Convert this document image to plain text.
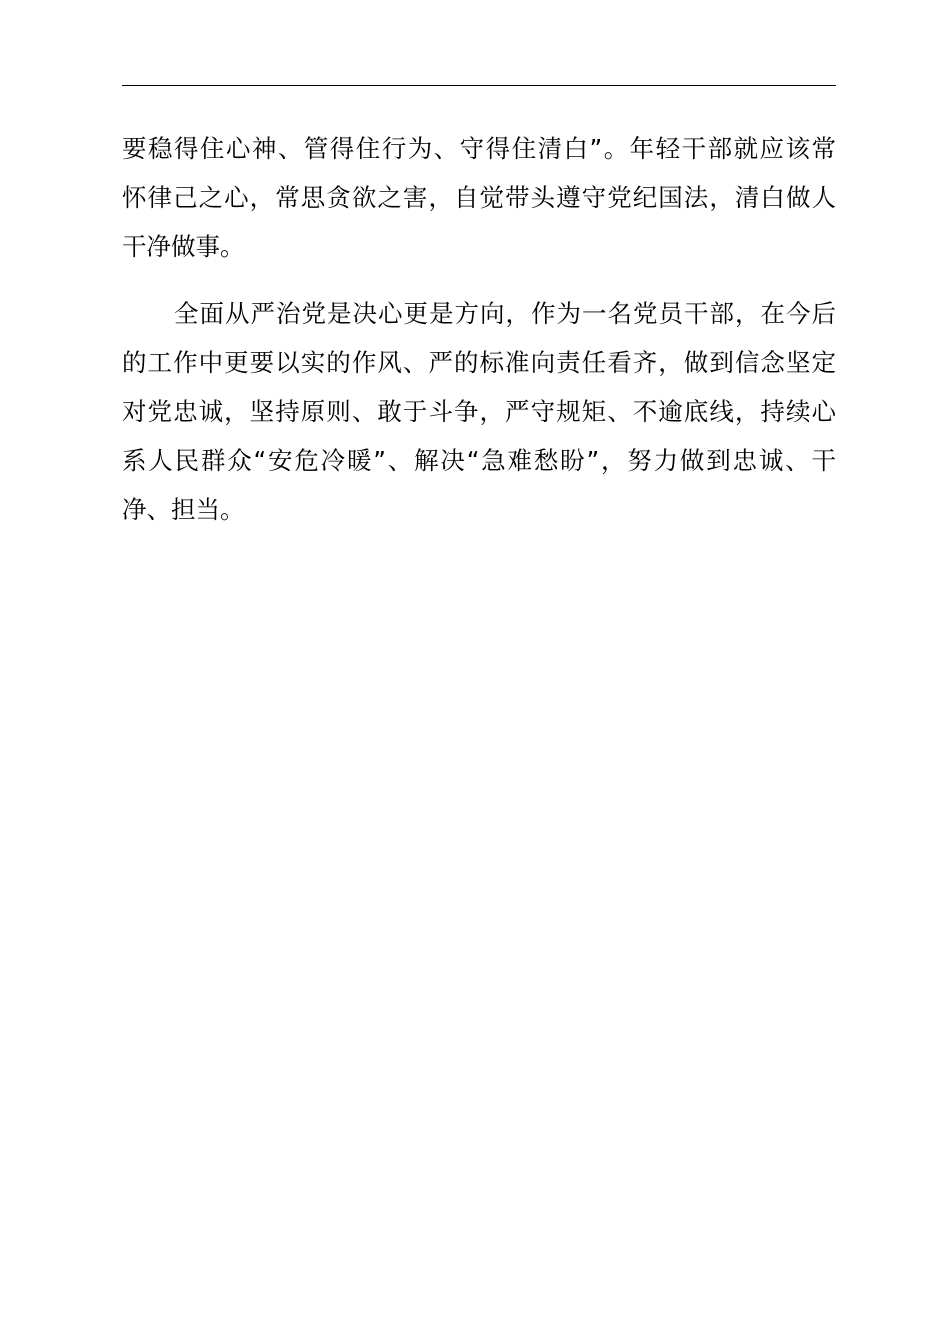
要稳得住心神、管得住行为、守得住清白”。年轻干部就应该常
怀律己之心，常思贪欲之害，自觉带头遵守党纪国法，清白做人
干净做事。
全面从严治党是决心更是方向，作为一名党员干部，在今后
的工作中更要以实的作风、严的标准向责任看齐，做到信念坚定
对党忠诚，坚持原则、敢于斗争，严守规矩、不逾底线，持续心
系人民群众“安危冷暖”、解决“急难愁盼”，努力做到忠诚、干
净、担当。
